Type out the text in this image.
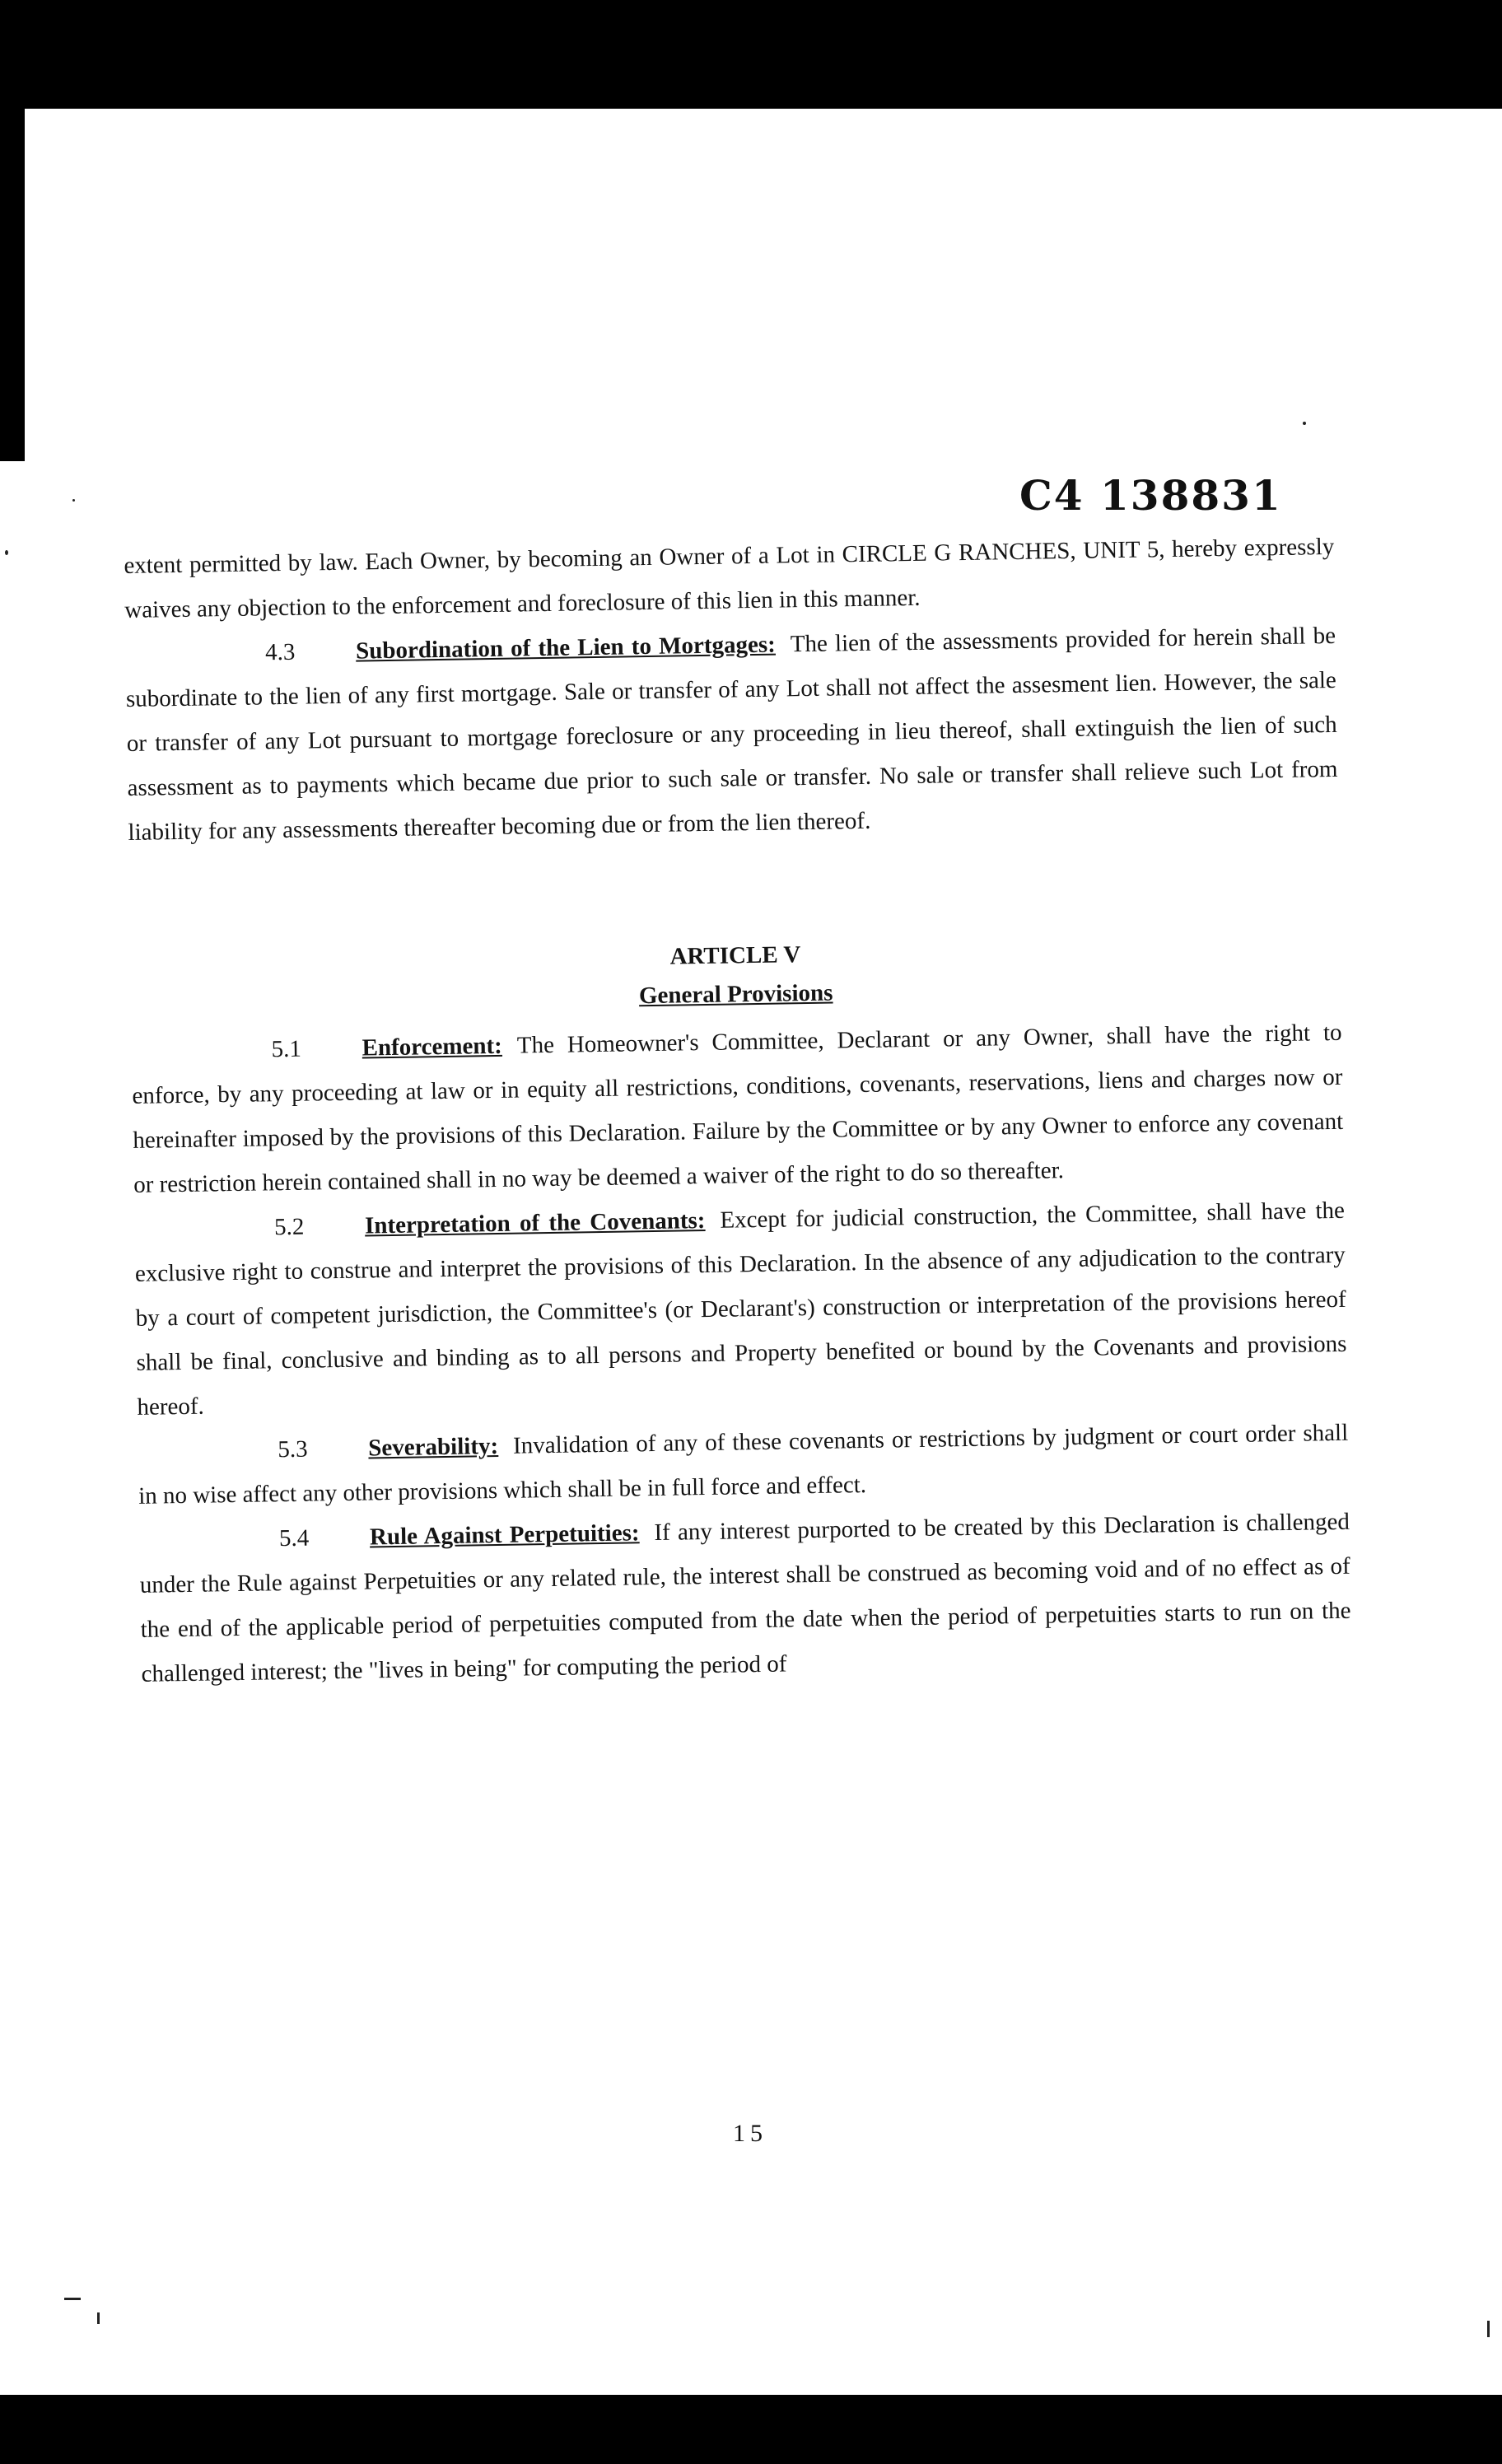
C4 138831

extent permitted by law. Each Owner, by becoming an Owner of a Lot in CIRCLE G RANCHES, UNIT 5, hereby expressly waives any objection to the enforcement and foreclosure of this lien in this manner.

4.3	Subordination of the Lien to Mortgages: The lien of the assessments provided for herein shall be subordinate to the lien of any first mortgage. Sale or transfer of any Lot shall not affect the assesment lien. However, the sale or transfer of any Lot pursuant to mortgage foreclosure or any proceeding in lieu thereof, shall extinguish the lien of such assessment as to payments which became due prior to such sale or transfer. No sale or transfer shall relieve such Lot from liability for any assessments thereafter becoming due or from the lien thereof.

ARTICLE V

General Provisions

5.1	Enforcement: The Homeowner's Committee, Declarant or any Owner, shall have the right to enforce, by any proceeding at law or in equity all restrictions, conditions, covenants, reservations, liens and charges now or hereinafter imposed by the provisions of this Declaration. Failure by the Committee or by any Owner to enforce any covenant or restriction herein contained shall in no way be deemed a waiver of the right to do so thereafter.

5.2	Interpretation of the Covenants: Except for judicial construction, the Committee, shall have the exclusive right to construe and interpret the provisions of this Declaration. In the absence of any adjudication to the contrary by a court of competent jurisdiction, the Committee's (or Declarant's) construction or interpretation of the provisions hereof shall be final, conclusive and binding as to all persons and Property benefited or bound by the Covenants and provisions hereof.

5.3	Severability: Invalidation of any of these covenants or restrictions by judgment or court order shall in no wise affect any other provisions which shall be in full force and effect.

5.4	Rule Against Perpetuities: If any interest purported to be created by this Declaration is challenged under the Rule against Perpetuities or any related rule, the interest shall be construed as becoming void and of no effect as of the end of the applicable period of perpetuities computed from the date when the period of perpetuities starts to run on the challenged interest; the "lives in being" for computing the period of

15
